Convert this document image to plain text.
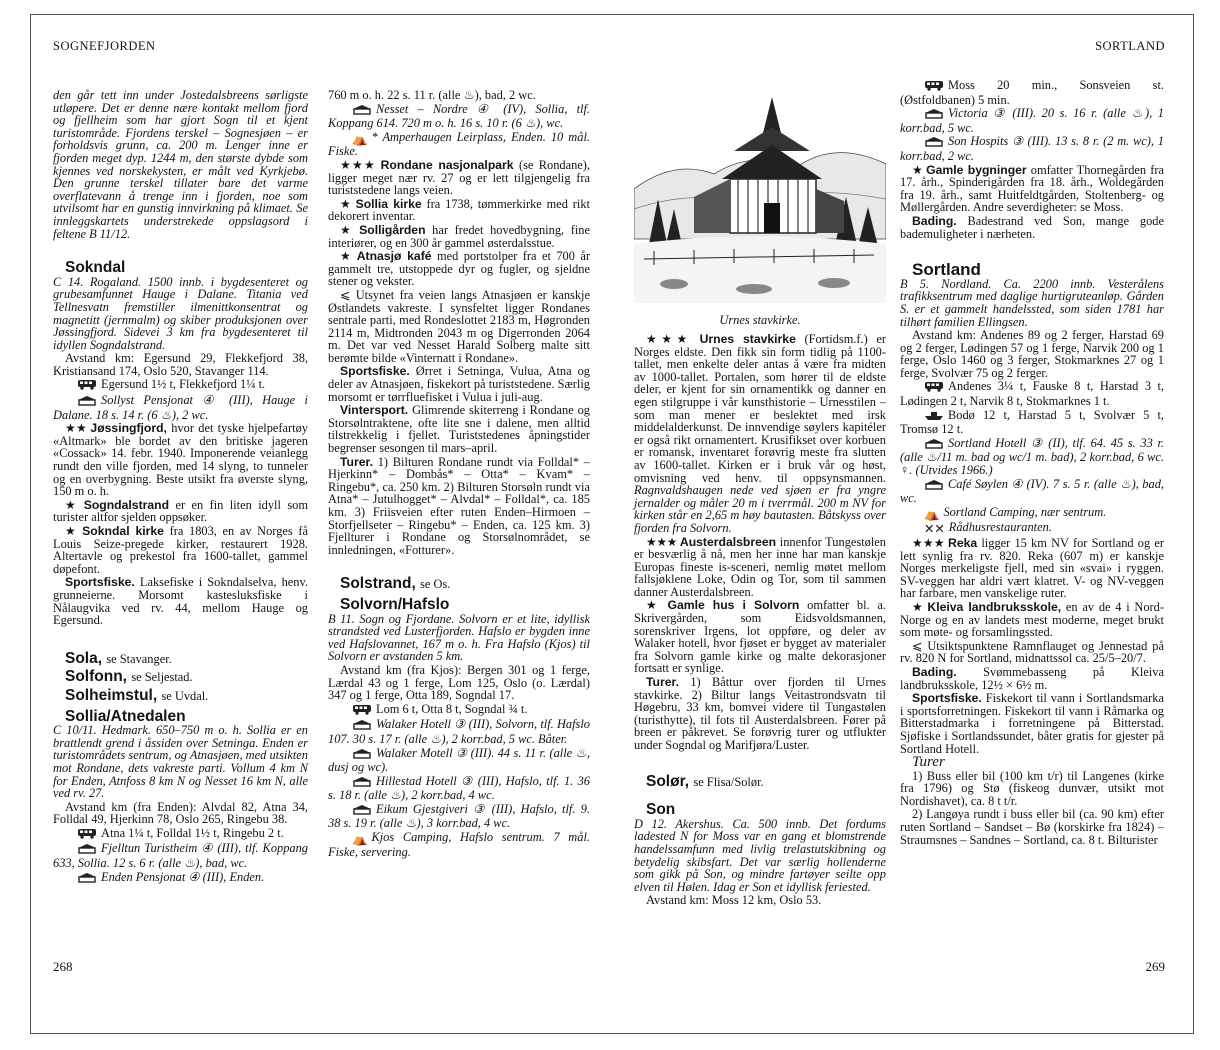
SOGNEFJORDEN

den går tett inn under Jostedalsbreens sørligste utløpere. Det er denne nære kontakt mellom fjord og fjellheim som har gjort Sogn til et kjent turistområde. Fjordens terskel – Sognesjøen – er forholdsvis grunn, ca. 200 m. Lenger inne er fjorden meget dyp. 1244 m, den største dybde som kjennes ved norskekysten, er målt ved Kyrkjebø. Den grunne terskel tillater bare det varme overflatevann å trenge inn i fjorden, noe som utvilsomt har en gunstig innvirkning på klimaet. Se innleggskartets understrekede oppslagsord i feltene B 11/12.

Sokndal

C 14. Rogaland. 1500 innb. i bygdesenteret og grubesamfunnet Hauge i Dalane. Titania ved Tellnesvatn fremstiller ilmenittkonsentrat og magnetitt (jernmalm) og skiber produksjonen over Jøssingfjord. Sidevei 3 km fra bygdesenteret til idyllen Sogndalstrand.

Avstand km: Egersund 29, Flekkefjord 38, Kristiansand 174, Oslo 520, Stavanger 114.

Egersund 1½ t, Flekkefjord 1¼ t.

Sollyst Pensjonat ④ (III), Hauge i Dalane. 18 s. 14 r. (6 ♨), 2 wc.

★★ Jøssingfjord, hvor det tyske hjelpefartøy «Altmark» ble bordet av den britiske jageren «Cossack» 14. febr. 1940. Imponerende veianlegg rundt den ville fjorden, med 14 slyng, to tunneler og en overbygning. Beste utsikt fra øverste slyng, 150 m o. h.

★ Sogndalstrand er en fin liten idyll som turister altfor sjelden oppsøker.

★ Sokndal kirke fra 1803, en av Norges få Louis Seize-pregede kirker, restaurert 1928. Altertavle og prekestol fra 1600-tallet, gammel døpefont.

Sportsfiske. Laksefiske i Sokndalselva, henv. grunneierne. Morsomt kastesluksfiske i Nålaugvika ved rv. 44, mellom Hauge og Egersund.

Sola, se Stavanger.

Solfonn, se Seljestad.

Solheimstul, se Uvdal.

Sollia/Atnedalen

C 10/11. Hedmark. 650–750 m o. h. Sollia er en brattlendt grend i åssiden over Setninga. Enden er turistområdets sentrum, og Atnasjøen, med utsikten mot Rondane, dets vakreste parti. Vollum 4 km N for Enden, Atnfoss 8 km N og Nesset 16 km N, alle ved rv. 27.

Avstand km (fra Enden): Alvdal 82, Atna 34, Folldal 49, Hjerkinn 78, Oslo 265, Ringebu 38.

Atna 1¼ t, Folldal 1½ t, Ringebu 2 t.

Fjelltun Turistheim ④ (III), tlf. Koppang 633, Sollia. 12 s. 6 r. (alle ♨), bad, wc.

Enden Pensjonat ④ (III), Enden.

760 m o. h. 22 s. 11 r. (alle ♨), bad, 2 wc.

Nesset – Nordre ④ (IV), Sollia, tlf. Koppang 614. 720 m o. h. 16 s. 10 r. (6 ♨), wc.

⛺ * Amperhaugen Leirplass, Enden. 10 mål. Fiske.

★★★ Rondane nasjonalpark (se Rondane), ligger meget nær rv. 27 og er lett tilgjengelig fra turiststedene langs veien.

★ Sollia kirke fra 1738, tømmerkirke med rikt dekorert inventar.

★ Solligården har fredet hovedbygning, fine interiører, og en 300 år gammel østerdalsstue.

★ Atnasjø kafé med portstolper fra et 700 år gammelt tre, utstoppede dyr og fugler, og sjeldne stener og vekster.

⩽ Utsynet fra veien langs Atnasjøen er kanskje Østlandets vakreste. I synsfeltet ligger Rondanes sentrale parti, med Rondeslottet 2183 m, Høgronden 2114 m, Midtronden 2043 m og Digerronden 2064 m. Det var ved Nesset Harald Solberg malte sitt berømte bilde «Vinternatt i Rondane».

Sportsfiske. Ørret i Setninga, Vulua, Atna og deler av Atnasjøen, fiskekort på turiststedene. Særlig morsomt er tørrfluefisket i Vulua i juli-aug.

Vintersport. Glimrende skiterreng i Rondane og Storsølntraktene, ofte lite sne i dalene, men alltid tilstrekkelig i fjellet. Turiststedenes åpningstider begrenser sesongen til mars–april.

Turer. 1) Bilturen Rondane rundt via Folldal* – Hjerkinn* – Dombås* – Otta* – Kvam* – Ringebu*, ca. 250 km. 2) Bilturen Storsøln rundt via Atna* – Jutulhogget* – Alvdal* – Folldal*, ca. 185 km. 3) Friisveien efter ruten Enden–Hirmoen – Storfjellseter – Ringebu* – Enden, ca. 125 km. 3) Fjellturer i Rondane og Storsølnområdet, se innledningen, «Fotturer».

Solstrand, se Os.

Solvorn/Hafslo

B 11. Sogn og Fjordane. Solvorn er et lite, idyllisk strandsted ved Lusterfjorden. Hafslo er bygden inne ved Hafslovannet, 167 m o. h. Fra Hafslo (Kjos) til Solvorn er avstanden 5 km.

Avstand km (fra Kjos): Bergen 301 og 1 ferge, Lærdal 43 og 1 ferge, Lom 125, Oslo (o. Lærdal) 347 og 1 ferge, Otta 189, Sogndal 17.

Lom 6 t, Otta 8 t, Sogndal ¾ t.

Walaker Hotell ③ (III), Solvorn, tlf. Hafslo 107. 30 s. 17 r. (alle ♨), 2 korr.bad, 5 wc. Båter.

Walaker Motell ③ (III). 44 s. 11 r. (alle ♨, dusj og wc).

Hillestad Hotell ③ (III), Hafslo, tlf. 1. 36 s. 18 r. (alle ♨), 2 korr.bad, 4 wc.

Eikum Gjestgiveri ③ (III), Hafslo, tlf. 9. 38 s. 19 r. (alle ♨), 3 korr.bad, 4 wc.

⛺ Kjos Camping, Hafslo sentrum. 7 mål. Fiske, servering.

268
SORTLAND
Urnes stavkirke.

★★★ Urnes stavkirke (Fortidsm.f.) er Norges eldste. Den fikk sin form tidlig på 1100-tallet, men enkelte deler antas å være fra midten av 1000-tallet. Portalen, som hører til de eldste deler, er kjent for sin ornamentikk og danner en egen stilgruppe i vår kunsthistorie – Urnesstilen – som man mener er beslektet med irsk middelalderkunst. De innvendige søylers kapitéler er også rikt ornamentert. Krusifikset over korbuen er romansk, inventaret forøvrig meste fra slutten av 1600-tallet. Kirken er i bruk vår og høst, omvisning ved henv. til oppsynsmannen. Ragnvaldshaugen nede ved sjøen er fra yngre jernalder og måler 20 m i tverrmål. 200 m NV for kirken står en 2,65 m høy bautasten. Båtskyss over fjorden fra Solvorn.

★★★ Austerdalsbreen innenfor Tungestølen er besværlig å nå, men her inne har man kanskje Europas fineste is-sceneri, nemlig møtet mellom fallsjøklene Loke, Odin og Tor, som til sammen danner Austerdalsbreen.

★ Gamle hus i Solvorn omfatter bl. a. Skrivergården, som Eidsvoldsmannen, sorenskriver Irgens, lot oppføre, og deler av Walaker hotell, hvor fjøset er bygget av materialer fra Solvorn gamle kirke og malte dekorasjoner fortsatt er synlige.

Turer. 1) Båttur over fjorden til Urnes stavkirke. 2) Biltur langs Veitastrondsvatn til Høgebru, 33 km, bomvei videre til Tungastølen (turisthytte), til fots til Austerdalsbreen. Fører på breen er påkrevet. Se forøvrig turer og utflukter under Sogndal og Marifjøra/Luster.

Solør, se Flisa/Solør.

Son

D 12. Akershus. Ca. 500 innb. Det fordums ladested N for Moss var en gang et blomstrende handelssamfunn med livlig trelastutskibning og betydelig skibsfart. Det var særlig hollenderne som gikk på Son, og mindre fartøyer seilte opp elven til Hølen. Idag er Son et idyllisk feriested.

Avstand km: Moss 12 km, Oslo 53.

Moss 20 min., Sonsveien st. (Østfoldbanen) 5 min.

Victoria ③ (III). 20 s. 16 r. (alle ♨), 1 korr.bad, 5 wc.

Son Hospits ③ (III). 13 s. 8 r. (2 m. wc), 1 korr.bad, 2 wc.

★ Gamle bygninger omfatter Thornegården fra 17. årh., Spinderigården fra 18. årh., Woldegården fra 19. årh., samt Huitfeldtgården, Stoltenberg- og Møllergården. Andre severdigheter: se Moss.

Bading. Badestrand ved Son, mange gode bademuligheter i nærheten.

Sortland

B 5. Nordland. Ca. 2200 innb. Vesterålens trafikksentrum med daglige hurtigruteanløp. Gården S. er et gammelt handelssted, som siden 1781 har tilhørt familien Ellingsen.

Avstand km: Andenes 89 og 2 ferger, Harstad 69 og 2 ferger, Lødingen 57 og 1 ferge, Narvik 200 og 1 ferge, Oslo 1460 og 3 ferger, Stokmarknes 27 og 1 ferge, Svolvær 75 og 2 ferger.

Andenes 3¼ t, Fauske 8 t, Harstad 3 t, Lødingen 2 t, Narvik 8 t, Stokmarknes 1 t.

Bodø 12 t, Harstad 5 t, Svolvær 5 t, Tromsø 12 t.

Sortland Hotell ③ (II), tlf. 64. 45 s. 33 r. (alle ♨/11 m. bad og wc/1 m. bad), 2 korr.bad, 6 wc. ♀. (Utvides 1966.)

Café Søylen ④ (IV). 7 s. 5 r. (alle ♨), bad, wc.

⛺ Sortland Camping, nær sentrum.

✕✕ Rådhusrestauranten.

★★★ Reka ligger 15 km NV for Sortland og er lett synlig fra rv. 820. Reka (607 m) er kanskje Norges merkeligste fjell, med sin «svai» i ryggen. SV-veggen har aldri vært klatret. V- og NV-veggen har farbare, men vanskelige ruter.

★ Kleiva landbruksskole, en av de 4 i Nord-Norge og en av landets mest moderne, meget brukt som møte- og forsamlingssted.

⩽ Utsiktspunktene Ramnflauget og Jennestad på rv. 820 N for Sortland, midnattssol ca. 25/5–20/7.

Bading. Svømmebasseng på Kleiva landbruksskole, 12½ × 6½ m.

Sportsfiske. Fiskekort til vann i Sortlandsmarka i sportsforretningen. Fiskekort til vann i Råmarka og Bitterstadmarka i forretningene på Bitterstad. Sjøfiske i Sortlandssundet, båter gratis for gjester på Sortland Hotell.

Turer

1) Buss eller bil (100 km t/r) til Langenes (kirke fra 1796) og Stø (fiskeog dunvær, utsikt mot Nordishavet), ca. 8 t t/r.

2) Langøya rundt i buss eller bil (ca. 90 km) efter ruten Sortland – Sandset – Bø (korskirke fra 1824) – Straumsnes – Sandnes – Sortland, ca. 8 t. Bilturister

269
